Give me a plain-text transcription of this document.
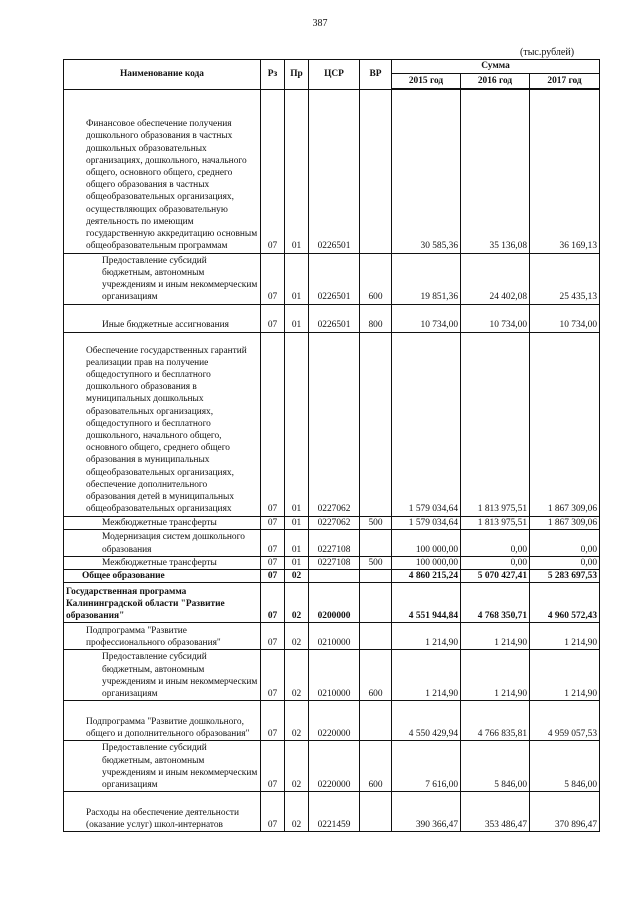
387
(тыс.рублей)
Наименование кода	Рз	Пр	ЦСР	ВР	Сумма		
					2015 год	2016 год	2017 год
Финансовое обеспечение получения дошкольного образования в частных дошкольных образовательных организациях, дошкольного, начального общего, основного общего, среднего общего образования в частных общеобразовательных организациях, осуществляющих образовательную деятельность по имеющим государственную аккредитацию основным общеобразовательным программам	07	01	0226501		30 585,36	35 136,08	36 169,13
Предоставление субсидий бюджетным, автономным учреждениям и иным некоммерческим организациям	07	01	0226501	600	19 851,36	24 402,08	25 435,13
Иные бюджетные ассигнования	07	01	0226501	800	10 734,00	10 734,00	10 734,00
Обеспечение государственных гарантий реализации прав на получение общедоступного и бесплатного дошкольного образования в муниципальных дошкольных образовательных организациях, общедоступного и бесплатного дошкольного, начального общего, основного общего, среднего общего образования в муниципальных общеобразовательных организациях, обеспечение дополнительного образования детей в муниципальных общеобразовательных организациях	07	01	0227062		1 579 034,64	1 813 975,51	1 867 309,06
Межбюджетные трансферты	07	01	0227062	500	1 579 034,64	1 813 975,51	1 867 309,06
Модернизация систем дошкольного образования	07	01	0227108		100 000,00	0,00	0,00
Межбюджетные трансферты	07	01	0227108	500	100 000,00	0,00	0,00
Общее образование	07	02			4 860 215,24	5 070 427,41	5 283 697,53
Государственная программа Калининградской области "Развитие образования"	07	02	0200000		4 551 944,84	4 768 350,71	4 960 572,43
Подпрограмма "Развитие профессионального образования"	07	02	0210000		1 214,90	1 214,90	1 214,90
Предоставление субсидий бюджетным, автономным учреждениям и иным некоммерческим организациям	07	02	0210000	600	1 214,90	1 214,90	1 214,90
Подпрограмма "Развитие дошкольного, общего и дополнительного образования"	07	02	0220000		4 550 429,94	4 766 835,81	4 959 057,53
Предоставление субсидий бюджетным, автономным учреждениям и иным некоммерческим организациям	07	02	0220000	600	7 616,00	5 846,00	5 846,00
Расходы на обеспечение деятельности (оказание услуг) школ-интернатов	07	02	0221459		390 366,47	353 486,47	370 896,47
